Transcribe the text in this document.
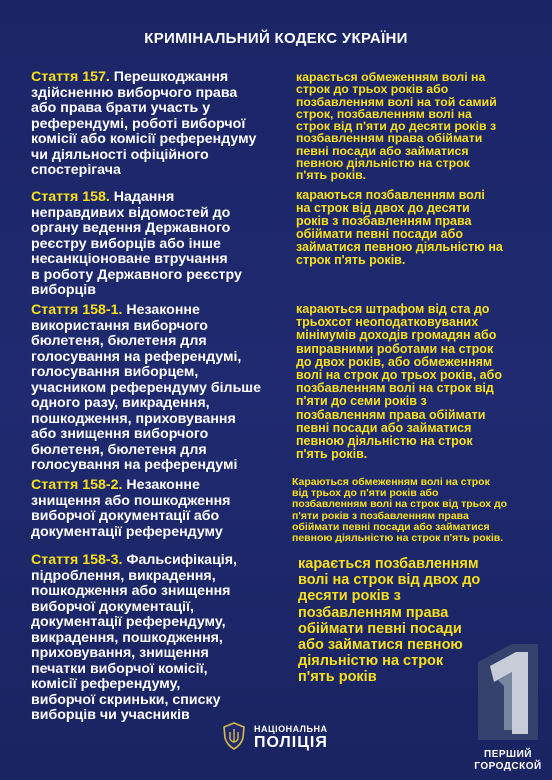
КРИМІНАЛЬНИЙ КОДЕКС УКРАЇНИ
Стаття 157. Перешкоджання
здійсненню виборчого права
або права брати участь у
референдумі, роботі виборчої
комісії або комісії референдуму
чи діяльності офіційного
спостерігача
карається обмеженням волі на
строк до трьох років або
позбавленням волі на той самий
строк, позбавленням волі на
строк від п'яти до десяти років з
позбавленням права обіймати
певні посади або займатися
певною діяльністю на строк
п'ять років.
Стаття 158. Надання
неправдивих відомостей до
органу ведення Державного
реєстру виборців або інше
несанкціоноване втручання
в роботу Державного реєстру
виборців
караються позбавленням волі
на строк від двох до десяти
років з позбавленням права
обіймати певні посади або
займатися певною діяльністю на
строк п'ять років.
Стаття 158-1. Незаконне
використання виборчого
бюлетеня, бюлетеня для
голосування на референдумі,
голосування виборцем,
учасником референдуму більше
одного разу, викрадення,
пошкодження, приховування
або знищення виборчого
бюлетеня, бюлетеня для
голосування на референдумі
караються штрафом від ста до
трьохсот неоподатковуваних
мінімумів доходів громадян або
виправними роботами на строк
до двох років, або обмеженням
волі на строк до трьох років, або
позбавленням волі на строк від
п'яти до семи років з
позбавленням права обіймати
певні посади або займатися
певною діяльністю на строк
п'ять років.
Стаття 158-2. Незаконне
знищення або пошкодження
виборчої документації або
документації референдуму
Караються обмеженням волі на строк
від трьох до п'яти років або
позбавленням волі на строк від трьох до
п'яти років з позбавленням права
обіймати певні посади або займатися
певною діяльністю на строк п'ять років.
Стаття 158-3. Фальсифікація,
підроблення, викрадення,
пошкодження або знищення
виборчої документації,
документації референдуму,
викрадення, пошкодження,
приховування, знищення
печатки виборчої комісії,
комісії референдуму,
виборчої скриньки, списку
виборців чи учасників
карається позбавленням
волі на строк від двох до
десяти років з
позбавленням права
обіймати певні посади
або займатися певною
діяльністю на строк
п'ять років
НАЦІОНАЛЬНА
ПОЛІЦІЯ
ПЕРШИЙ
ГОРОДСКОЙ
